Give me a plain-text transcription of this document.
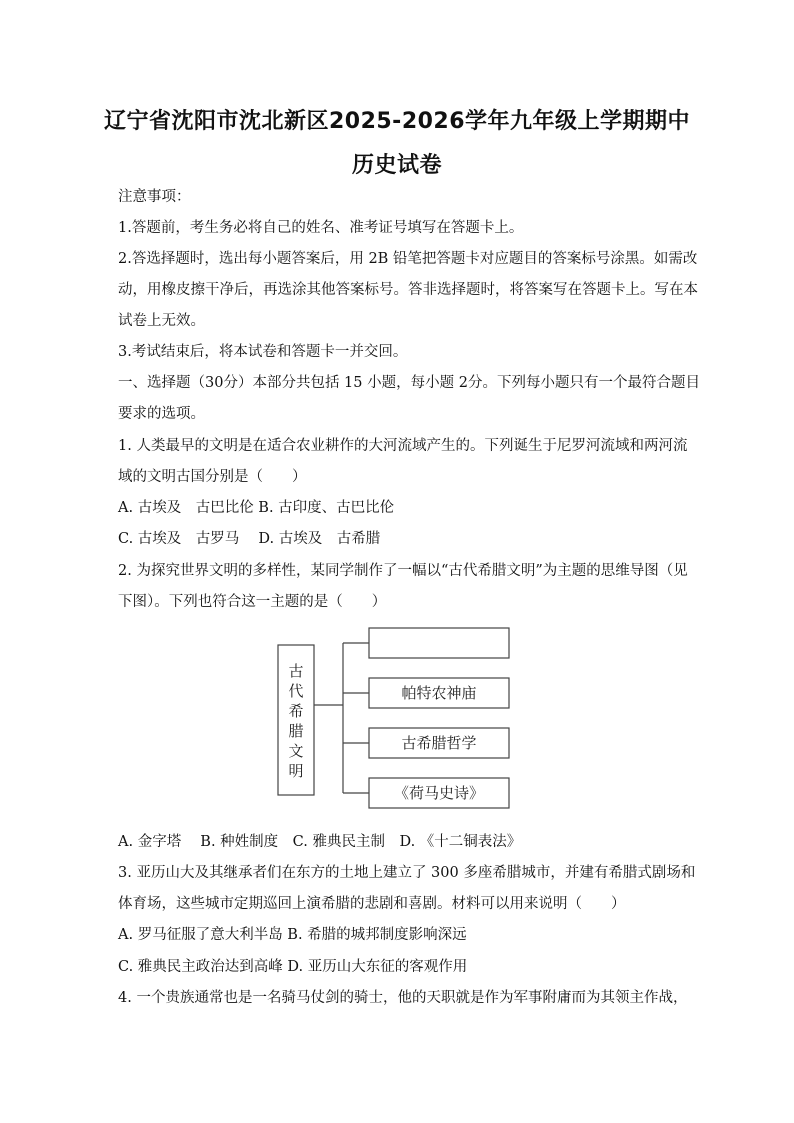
辽宁省沈阳市沈北新区2025-2026学年九年级上学期期中
历史试卷
注意事项：
1.答题前，考生务必将自己的姓名、准考证号填写在答题卡上。
2.答选择题时，选出每小题答案后，用 2B 铅笔把答题卡对应题目的答案标号涂黑。如需改
动，用橡皮擦干净后，再选涂其他答案标号。答非选择题时，将答案写在答题卡上。写在本
试卷上无效。
3.考试结束后，将本试卷和答题卡一并交回。
一、选择题（30分）本部分共包括 15 小题，每小题 2分。下列每小题只有一个最符合题目
要求的选项。
1. 人类最早的文明是在适合农业耕作的大河流域产生的。下列诞生于尼罗河流域和两河流
域的文明古国分别是（　　）
A. 古埃及　古巴比伦 B. 古印度、古巴比伦
C. 古埃及　古罗马　 D. 古埃及　古希腊
2. 为探究世界文明的多样性，某同学制作了一幅以“古代希腊文明”为主题的思维导图（见
下图）。下列也符合这一主题的是（　　）
古
代
希
腊
文
明
帕特农神庙
古希腊哲学
《荷马史诗》
A. 金字塔　 B. 种姓制度　C. 雅典民主制　D. 《十二铜表法》
3. 亚历山大及其继承者们在东方的土地上建立了 300 多座希腊城市，并建有希腊式剧场和
体育场，这些城市定期巡回上演希腊的悲剧和喜剧。材料可以用来说明（　　）
A. 罗马征服了意大利半岛 B. 希腊的城邦制度影响深远
C. 雅典民主政治达到高峰 D. 亚历山大东征的客观作用
4. 一个贵族通常也是一名骑马仗剑的骑士，他的天职就是作为军事附庸而为其领主作战，
